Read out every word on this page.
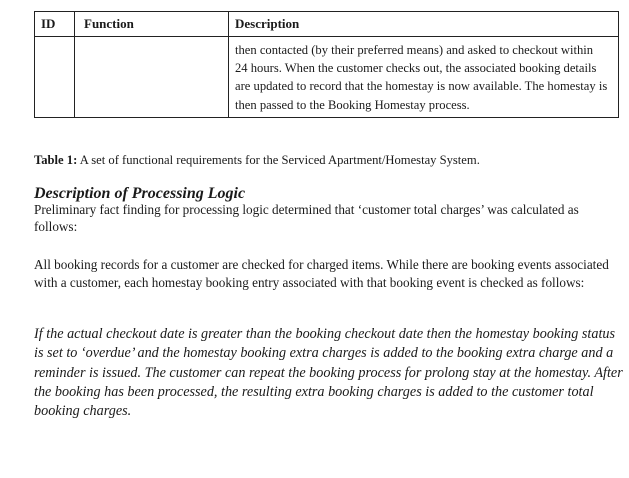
ID	Function	Description
		then contacted (by their preferred means) and asked to checkout within 24 hours. When the customer checks out, the associated booking details are updated to record that the homestay is now available. The homestay is then passed to the Booking Homestay process.
Table 1: A set of functional requirements for the Serviced Apartment/Homestay System.
Description of Processing Logic

Preliminary fact finding for processing logic determined that ‘customer total charges’ was calculated as follows:

All booking records for a customer are checked for charged items. While there are booking events associated with a customer, each homestay booking entry associated with that booking event is checked as follows:

If the actual checkout date is greater than the booking checkout date then the homestay booking status is set to ‘overdue’ and the homestay booking extra charges is added to the booking extra charge and a reminder is issued. The customer can repeat the booking process for prolong stay at the homestay. After the booking has been processed, the resulting extra booking charges is added to the customer total booking charges.
